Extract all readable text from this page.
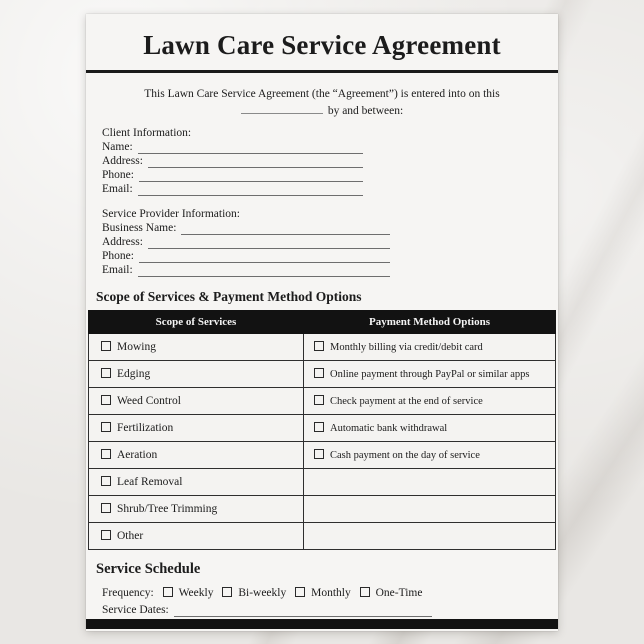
Lawn Care Service Agreement

This Lawn Care Service Agreement (the “Agreement”) is entered into on this
by and between:

Client Information:
Name:
Address:
Phone:
Email:
Service Provider Information:
Business Name:
Address:
Phone:
Email:
Scope of Services & Payment Method Options
Scope of Services	Payment Method Options
Mowing	Monthly billing via credit/debit card
Edging	Online payment through PayPal or similar apps
Weed Control	Check payment at the end of service
Fertilization	Automatic bank withdrawal
Aeration	Cash payment on the day of service
Leaf Removal	
Shrub/Tree Trimming	
Other	
Service Schedule
Frequency: Weekly Bi-weekly Monthly One-Time
Service Dates:
